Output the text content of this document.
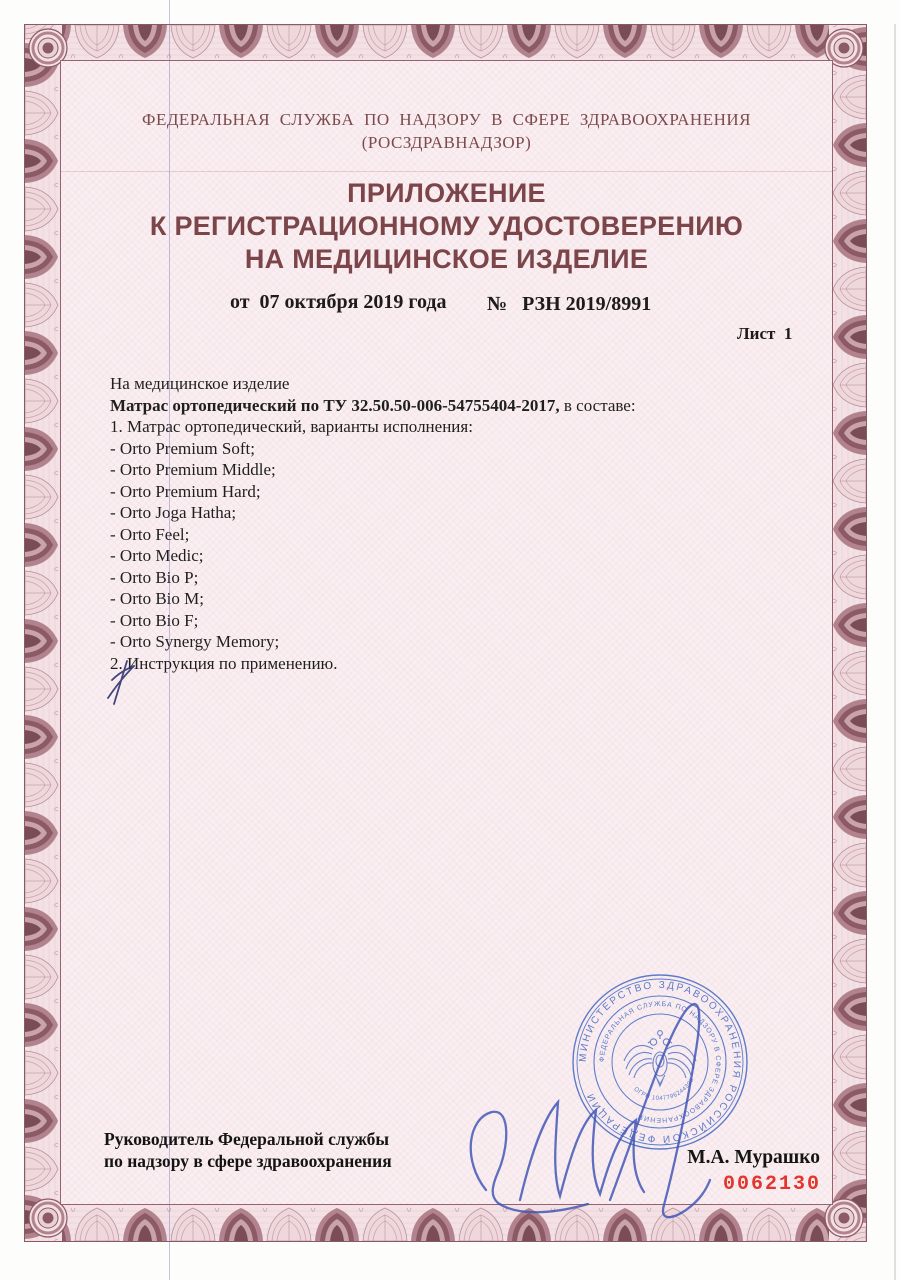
ФЕДЕРАЛЬНАЯ СЛУЖБА ПО НАДЗОРУ В СФЕРЕ ЗДРАВООХРАНЕНИЯ
(РОСЗДРАВНАДЗОР)
ПРИЛОЖЕНИЕ
К РЕГИСТРАЦИОННОМУ УДОСТОВЕРЕНИЮ
НА МЕДИЦИНСКОЕ ИЗДЕЛИЕ
от  07 октября 2019 года №   РЗН 2019/8991
Лист  1
На медицинское изделие
Матрас ортопедический по ТУ 32.50.50-006-54755404-2017, в составе:
1. Матрас ортопедический, варианты исполнения:
- Orto Premium Soft;
- Orto Premium Middle;
- Orto Premium Hard;
- Orto Joga Hatha;
- Orto Feel;
- Orto Medic;
- Orto Bio P;
- Orto Bio M;
- Orto Bio F;
- Orto Synergy Memory;
2. Инструкция по применению.
Руководитель Федеральной службы
по надзору в сфере здравоохранения	М.А. Мурашко
0062130
МИНИСТЕРСТВО ЗДРАВООХРАНЕНИЯ РОССИЙСКОЙ ФЕДЕРАЦИИ
ФЕДЕРАЛЬНАЯ СЛУЖБА ПО НАДЗОРУ В СФЕРЕ ЗДРАВООХРАНЕНИЯ
ОГРН 1047796244396
